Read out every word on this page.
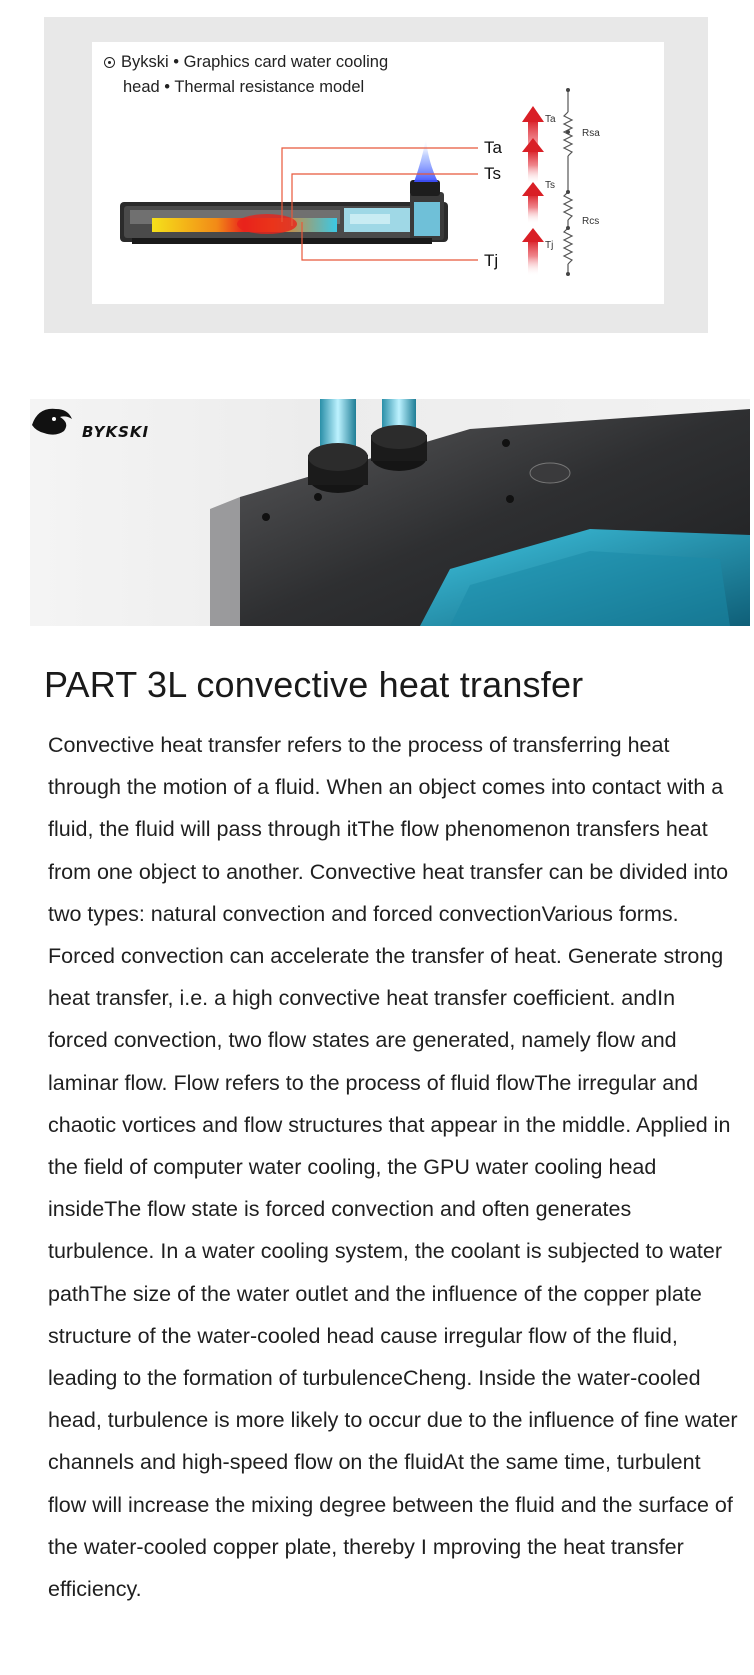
Ta
Ts
Tj
Ta
Ts
Tj
Rsa
Rcs
Bykski • Graphics card water cooling
head • Thermal resistance model
BYKSKI
PART 3L convective heat transfer

Convective heat transfer refers to the process of transferring heat through the motion of a fluid. When an object comes into contact with a fluid, the fluid will pass through itThe flow phenomenon transfers heat from one object to another. Convective heat transfer can be divided into two types: natural convection and forced convectionVarious forms. Forced convection can accelerate the transfer of heat. Generate strong heat transfer, i.e. a high convective heat transfer coefficient. andIn forced convection, two flow states are generated, namely flow and laminar flow. Flow refers to the process of fluid flowThe irregular and chaotic vortices and flow structures that appear in the middle. Applied in the field of computer water cooling, the GPU water cooling head insideThe flow state is forced convection and often generates turbulence. In a water cooling system, the coolant is subjected to water pathThe size of the water outlet and the influence of the copper plate structure of the water-cooled head cause irregular flow of the fluid, leading to the formation of turbulenceCheng. Inside the water-cooled head, turbulence is more likely to occur due to the influence of fine water channels and high-speed flow on the fluidAt the same time, turbulent flow will increase the mixing degree between the fluid and the surface of the water-cooled copper plate, thereby I mproving the heat transfer efficiency.
